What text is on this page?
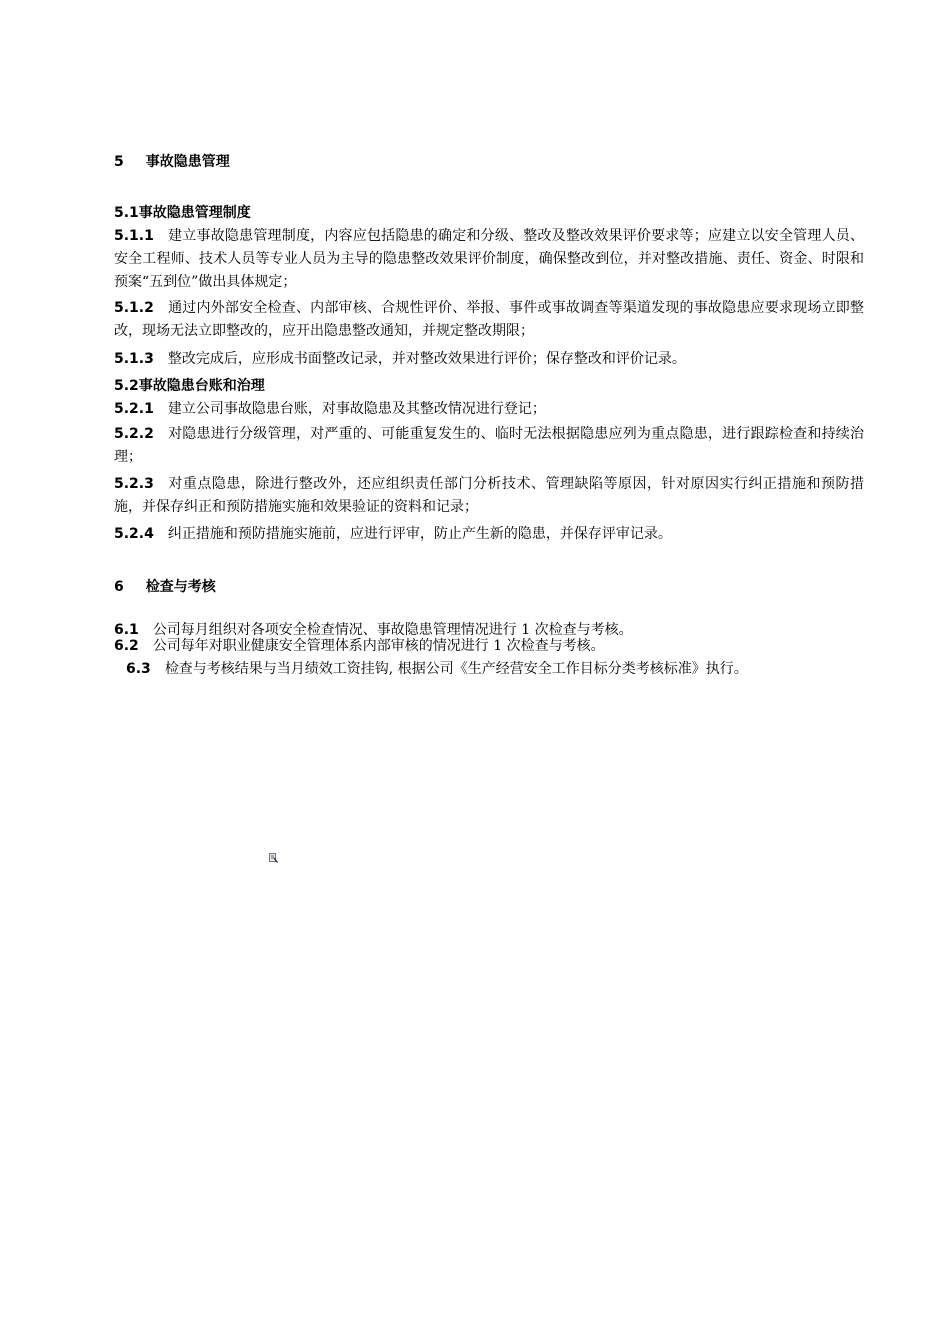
5 事故隐患管理
5.1事故隐患管理制度
5.1.1 建立事故隐患管理制度，内容应包括隐患的确定和分级、整改及整改效果评价要求等；应建立以安全管理人员、安全工程师、技术人员等专业人员为主导的隐患整改效果评价制度，确保整改到位，并对整改措施、责任、资金、时限和预案“五到位”做出具体规定；
5.1.2 通过内外部安全检查、内部审核、合规性评价、举报、事件或事故调查等渠道发现的事故隐患应要求现场立即整改，现场无法立即整改的，应开出隐患整改通知，并规定整改期限；
5.1.3 整改完成后，应形成书面整改记录，并对整改效果进行评价；保存整改和评价记录。
5.2事故隐患台账和治理
5.2.1 建立公司事故隐患台账，对事故隐患及其整改情况进行登记；
5.2.2 对隐患进行分级管理，对严重的、可能重复发生的、临时无法根据隐患应列为重点隐患，进行跟踪检查和持续治理；
5.2.3 对重点隐患，除进行整改外，还应组织责任部门分析技术、管理缺陷等原因，针对原因实行纠正措施和预防措施，并保存纠正和预防措施实施和效果验证的资料和记录；
5.2.4 纠正措施和预防措施实施前，应进行评审，防止产生新的隐患，并保存评审记录。
6 检查与考核
6.1 公司每月组织对各项安全检查情况、事故隐患管理情况进行 1 次检查与考核。
6.2 公司每年对职业健康安全管理体系内部审核的情况进行 1 次检查与考核。
6.3 检查与考核结果与当月绩效工资挂钩, 根据公司《生产经营安全工作目标分类考核标准》执行。
